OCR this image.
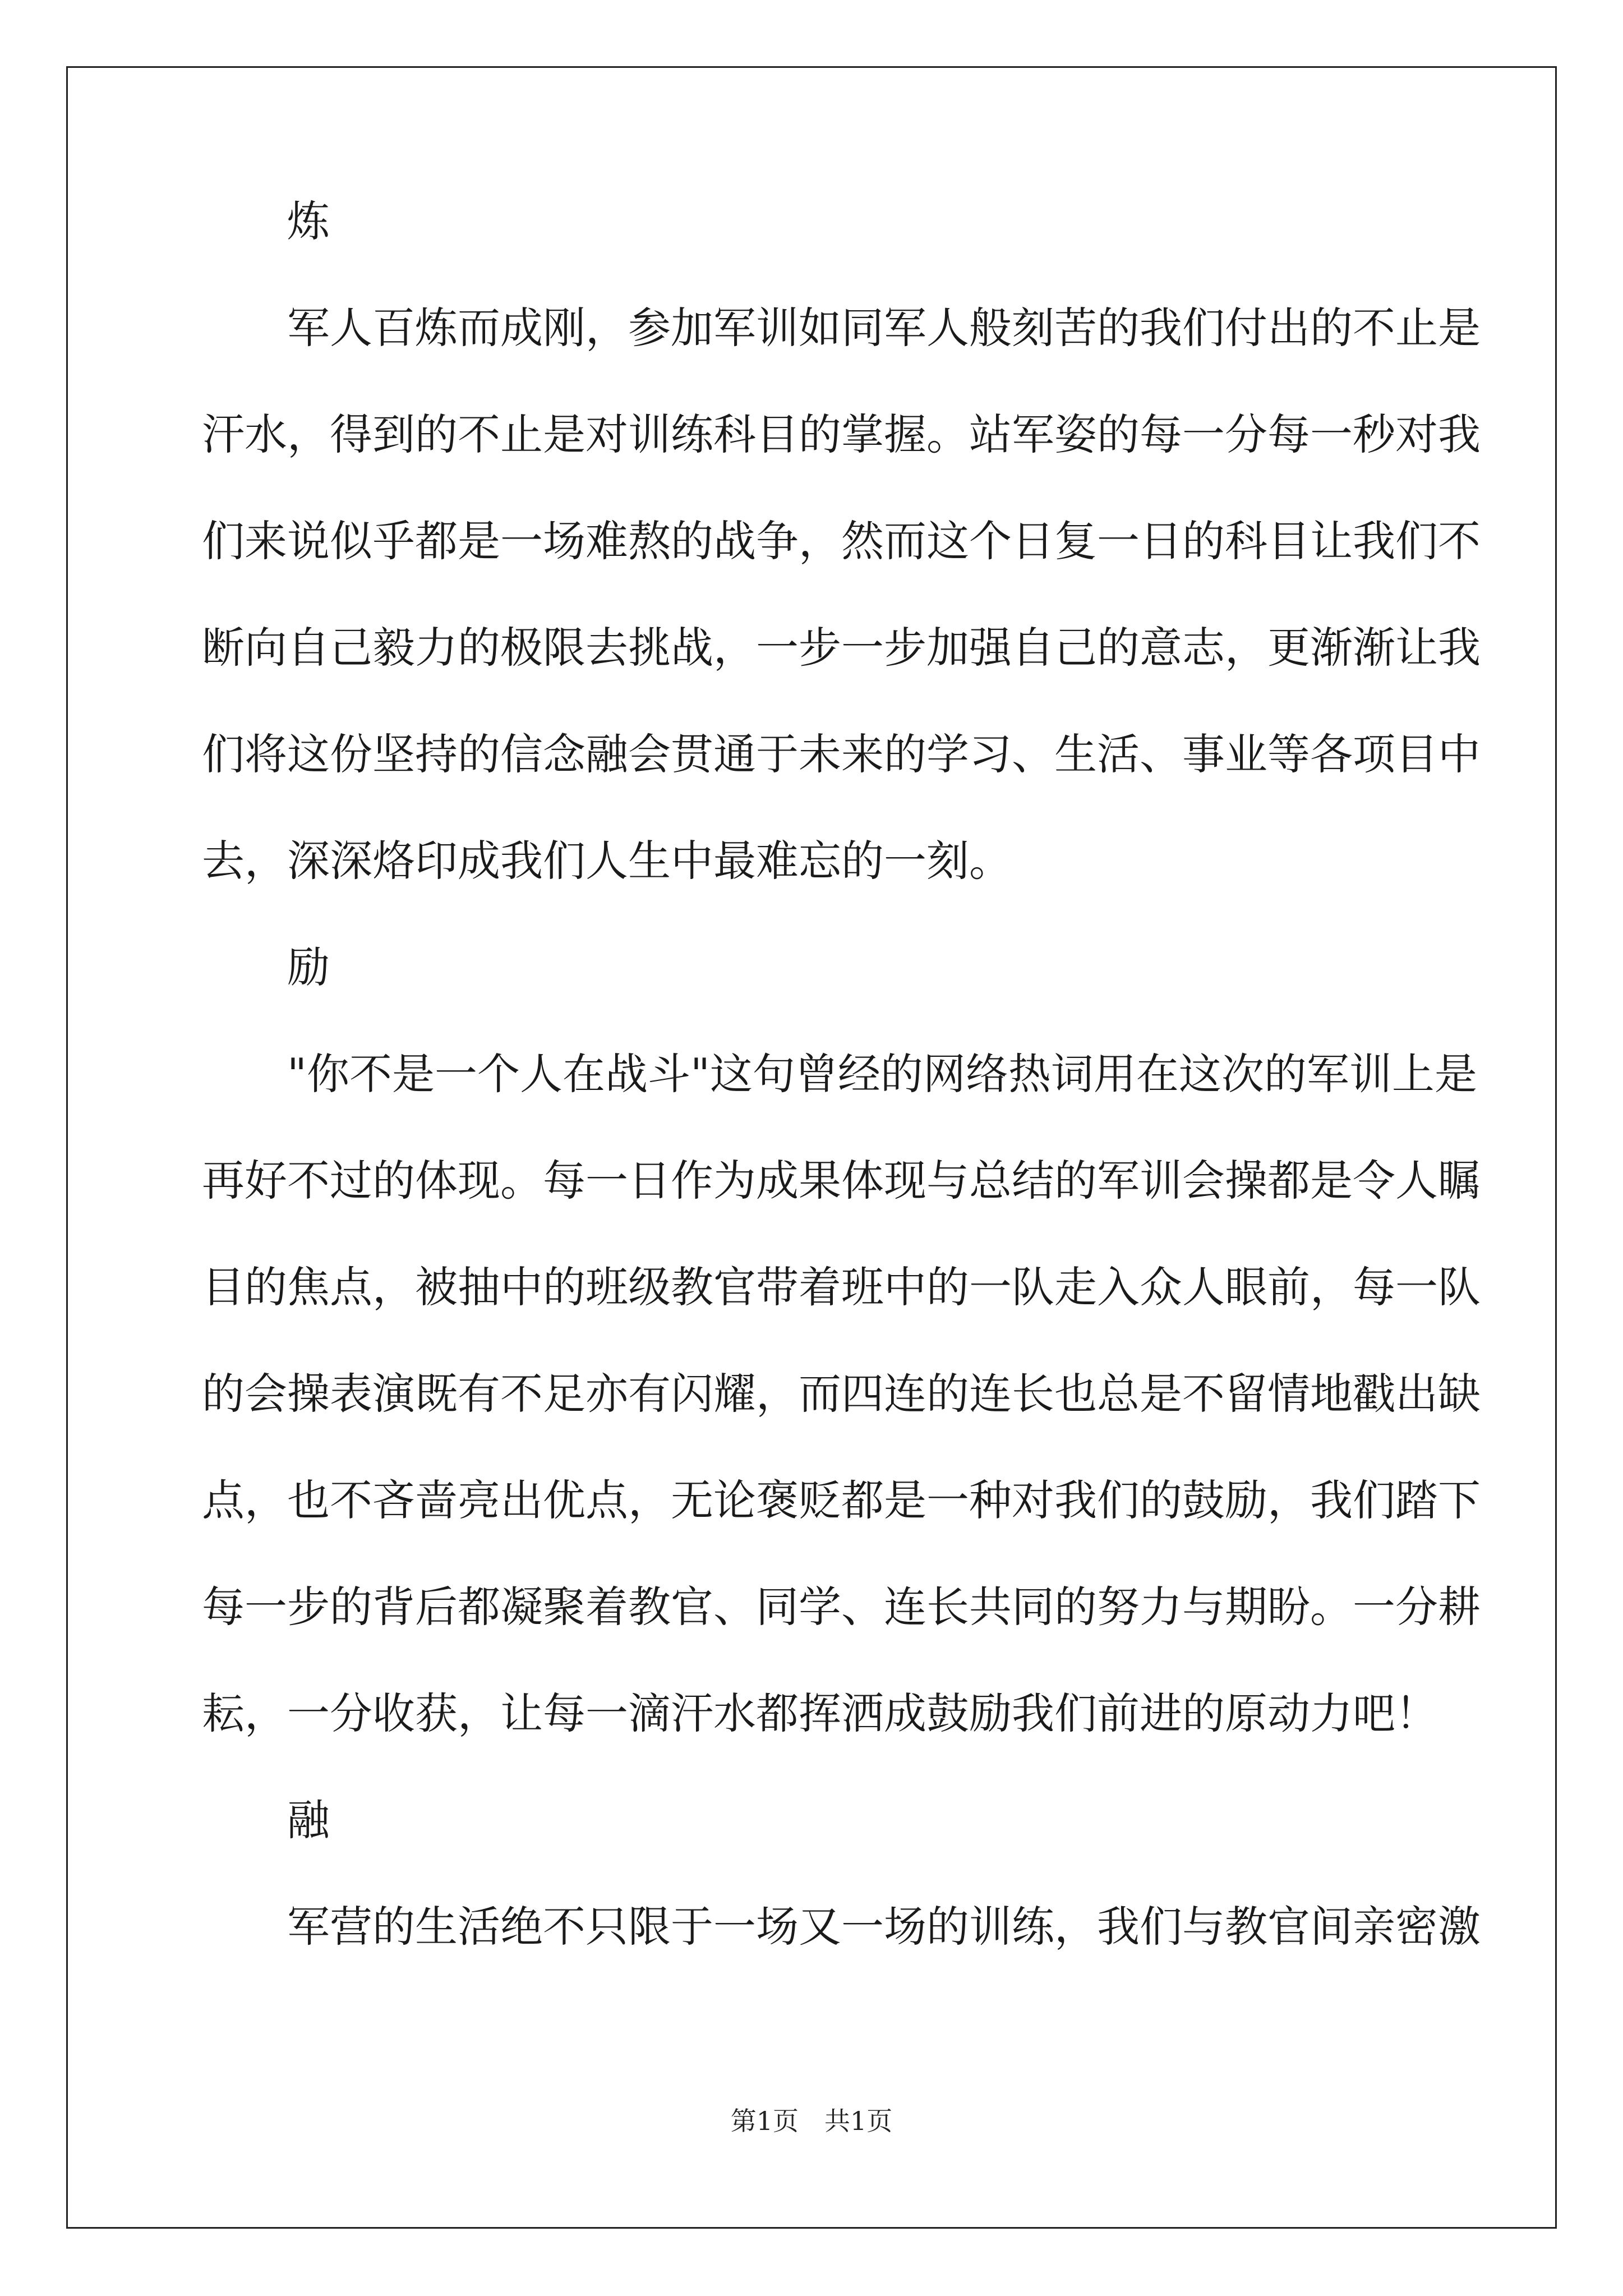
炼
军人百炼而成刚，参加军训如同军人般刻苦的我们付出的不止是
汗水，得到的不止是对训练科目的掌握。站军姿的每一分每一秒对我
们来说似乎都是一场难熬的战争，然而这个日复一日的科目让我们不
断向自己毅力的极限去挑战，一步一步加强自己的意志，更渐渐让我
们将这份坚持的信念融会贯通于未来的学习、生活、事业等各项目中
去，深深烙印成我们人生中最难忘的一刻。
励
"你不是一个人在战斗"这句曾经的网络热词用在这次的军训上是
再好不过的体现。每一日作为成果体现与总结的军训会操都是令人瞩
目的焦点，被抽中的班级教官带着班中的一队走入众人眼前，每一队
的会操表演既有不足亦有闪耀，而四连的连长也总是不留情地戳出缺
点，也不吝啬亮出优点，无论褒贬都是一种对我们的鼓励，我们踏下
每一步的背后都凝聚着教官、同学、连长共同的努力与期盼。一分耕
耘，一分收获，让每一滴汗水都挥洒成鼓励我们前进的原动力吧！
融
军营的生活绝不只限于一场又一场的训练，我们与教官间亲密激
第1页　共1页
